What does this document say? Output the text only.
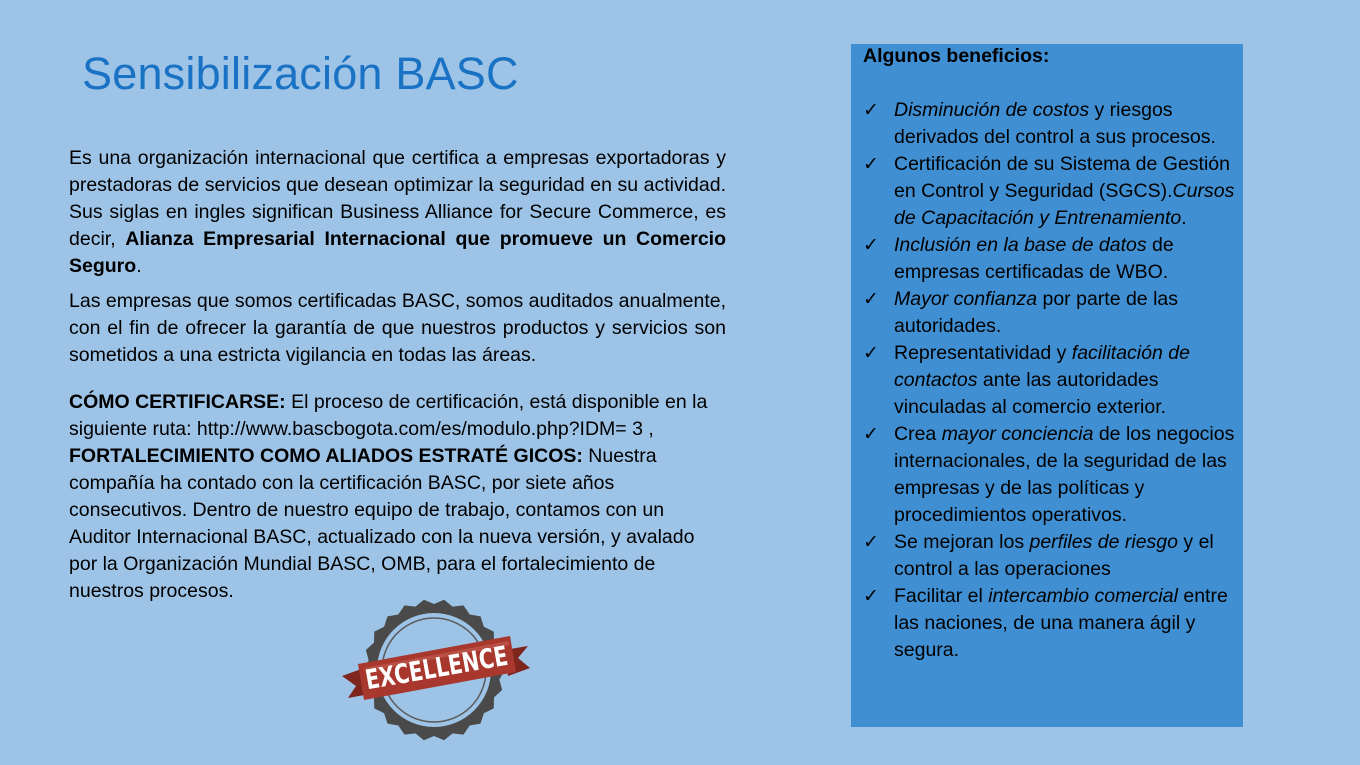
Sensibilización BASC

Es una organización internacional que certifica a empresas exportadoras y prestadoras de servicios que desean optimizar la seguridad en su actividad. Sus siglas en ingles significan Business Alliance for Secure Commerce, es decir, Alianza Empresarial Internacional que promueve un Comercio Seguro.

Las empresas que somos certificadas BASC, somos auditados anualmente, con el fin de ofrecer la garantía de que nuestros productos y servicios son sometidos a una estricta vigilancia en todas las áreas.

CÓMO CERTIFICARSE: El proceso de certificación, está disponible en la siguiente ruta: http://www.bascbogota.com/es/modulo.php?IDM= 3 ,
FORTALECIMIENTO COMO ALIADOS ESTRATÉ GICOS: Nuestra compañía ha contado con la certificación BASC, por siete años consecutivos. Dentro de nuestro equipo de trabajo, contamos con un Auditor Internacional BASC, actualizado con la nueva versión, y avalado por la Organización Mundial BASC, OMB, para el fortalecimiento de nuestros procesos.

EXCELLENCE
Algunos beneficios:
✓ Disminución de costos y riesgos derivados del control a sus procesos.
✓ Certificación de su Sistema de Gestión en Control y Seguridad (SGCS).Cursos de Capacitación y Entrenamiento.
✓ Inclusión en la base de datos de empresas certificadas de WBO.
✓ Mayor confianza por parte de las autoridades.
✓ Representatividad y facilitación de contactos ante las autoridades vinculadas al comercio exterior.
✓ Crea mayor conciencia de los negocios internacionales, de la seguridad de las empresas y de las políticas y procedimientos operativos.
✓ Se mejoran los perfiles de riesgo y el control a las operaciones
✓ Facilitar el intercambio comercial entre las naciones, de una manera ágil y segura.
